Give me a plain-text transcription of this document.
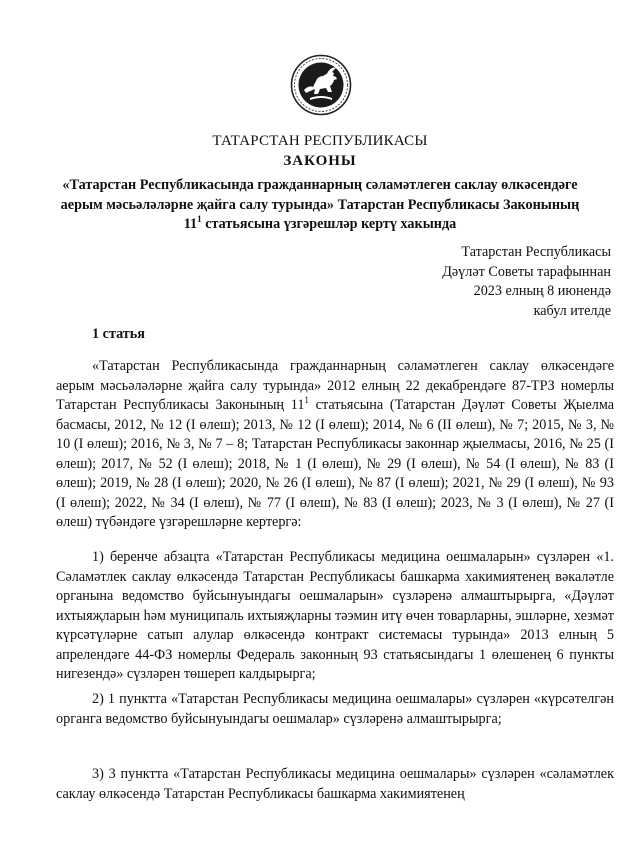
ТАТАРСТАН РЕСПУБЛИКАСЫ
ЗАКОНЫ
«Татарстан Республикасында гражданнарның сәламәтлеген саклау өлкәсендәге аерым мәсьәләләрне җайга салу турында» Татарстан Республикасы Законының $11^1$ статьясына үзгәрешләр кертү хакында
Татарстан Республикасы
Дәүләт Советы тарафыннан
2023 елның 8 июнендә
кабул ителде
1 статья

«Татарстан Республикасында гражданнарның сәламәтлеген саклау өлкәсендәге аерым мәсьәләләрне җайга салу турында» 2012 елның 22 декабрендәге 87-ТРЗ номерлы Татарстан Республикасы Законының $11^1$ статьясына (Татарстан Дәүләт Советы Җыелма басмасы, 2012, № 12 (I өлеш); 2013, № 12 (I өлеш); 2014, № 6 (II өлеш), № 7; 2015, № 3, № 10 (I өлеш); 2016, № 3, № 7 – 8; Татарстан Республикасы законнар җыелмасы, 2016, № 25 (I өлеш); 2017, № 52 (I өлеш); 2018, № 1 (I өлеш), № 29 (I өлеш), № 54 (I өлеш), № 83 (I өлеш); 2019, № 28 (I өлеш); 2020, № 26 (I өлеш), № 87 (I өлеш); 2021, № 29 (I өлеш), № 93 (I өлеш); 2022, № 34 (I өлеш), № 77 (I өлеш), № 83 (I өлеш); 2023, № 3 (I өлеш), № 27 (I өлеш) түбәндәге үзгәрешләрне кертергә:

1) беренче абзацта «Татарстан Республикасы медицина оешмаларын» сүзләрен «1. Сәламәтлек саклау өлкәсендә Татарстан Республикасы башкарма хакимиятенең вәкаләтле органына ведомство буйсынуындагы оешмаларын» сүзләренә алмаштырырга, «Дәүләт ихтыяҗларын һәм муниципаль ихтыяҗларны тәэмин итү өчен товарларны, эшләрне, хезмәт күрсәтүләрне сатып алулар өлкәсендә контракт системасы турында» 2013 елның 5 апрелендәге 44-ФЗ номерлы Федераль законның 93 статьясындагы 1 өлешенең 6 пункты нигезендә» сүзләрен төшереп калдырырга;

2) 1 пунктта «Татарстан Республикасы медицина оешмалары» сүзләрен «күрсәтелгән органга ведомство буйсынуындагы оешмалар» сүзләренә алмаштырырга;

3) 3 пунктта «Татарстан Республикасы медицина оешмалары» сүзләрен «сәламәтлек саклау өлкәсендә Татарстан Республикасы башкарма хакимиятенең
